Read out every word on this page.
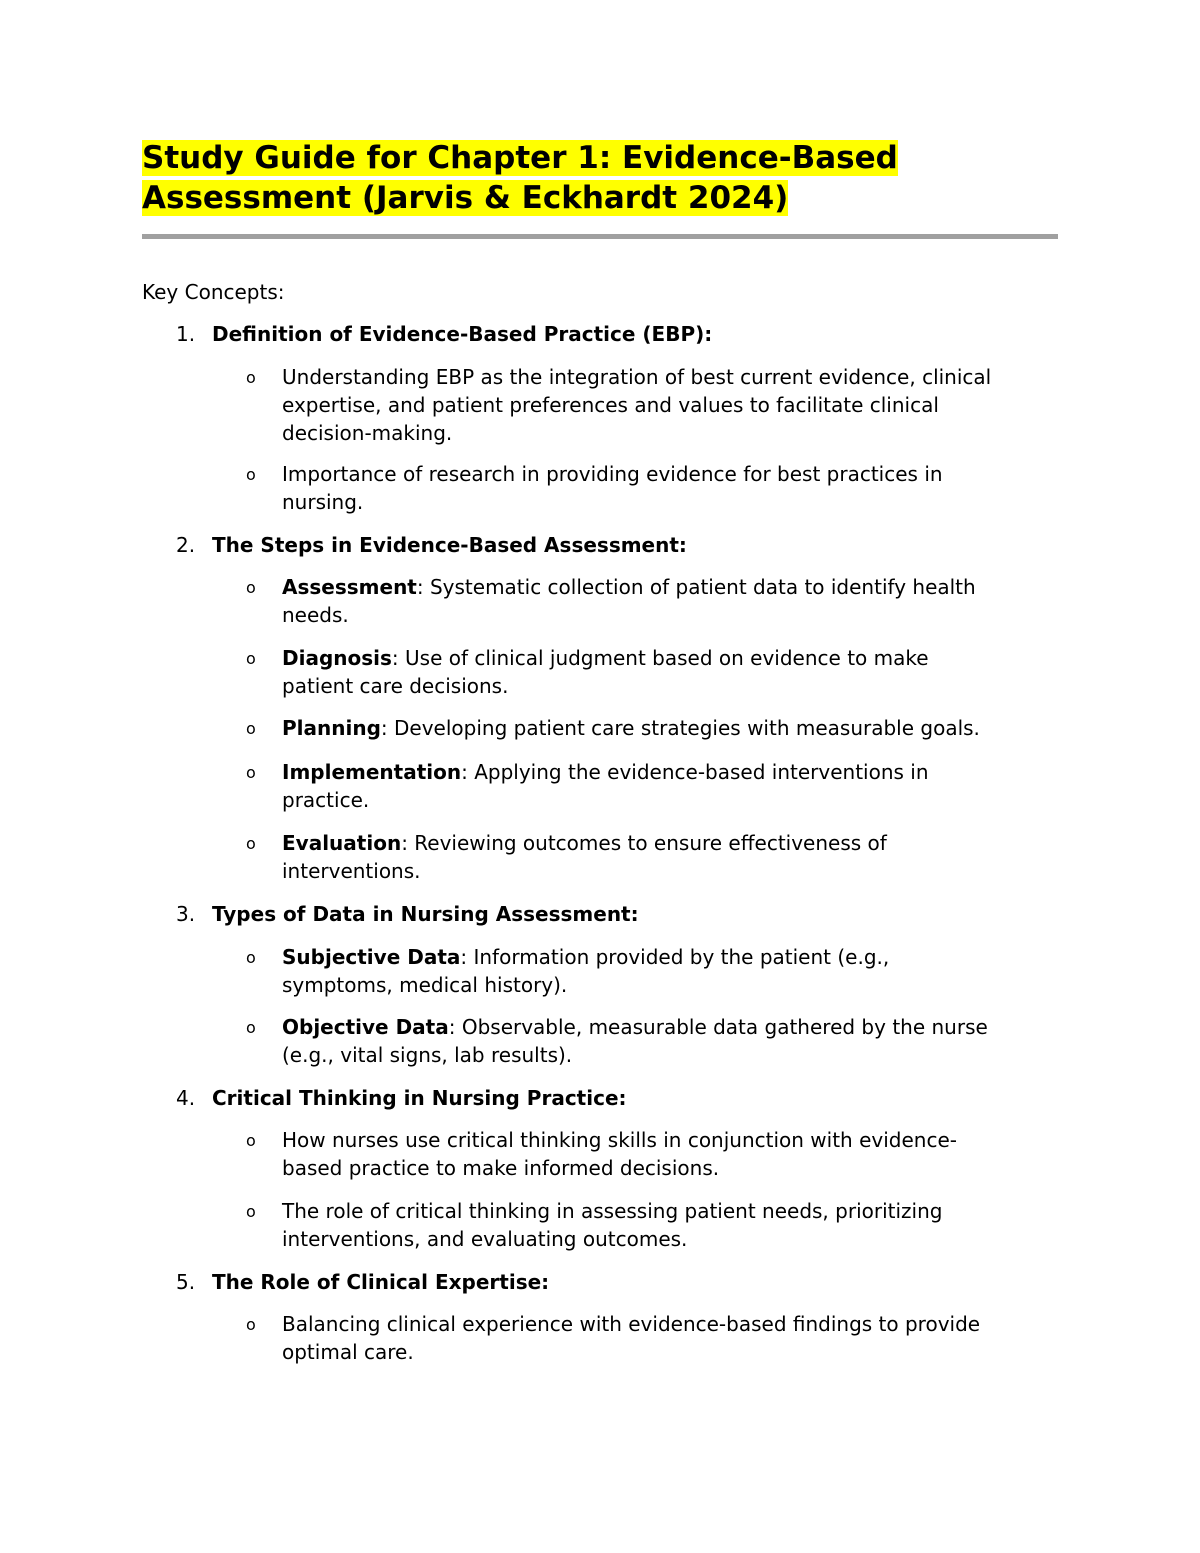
Study Guide for Chapter 1: Evidence-Based
Assessment (Jarvis & Eckhardt 2024)

Key Concepts:

1. Definition of Evidence-Based Practice (EBP):
o Understanding EBP as the integration of best current evidence, clinical
expertise, and patient preferences and values to facilitate clinical
decision-making.
o Importance of research in providing evidence for best practices in
nursing.
2. The Steps in Evidence-Based Assessment:
o Assessment: Systematic collection of patient data to identify health
needs.
o Diagnosis: Use of clinical judgment based on evidence to make
patient care decisions.
o Planning: Developing patient care strategies with measurable goals.
o Implementation: Applying the evidence-based interventions in
practice.
o Evaluation: Reviewing outcomes to ensure effectiveness of
interventions.
3. Types of Data in Nursing Assessment:
o Subjective Data: Information provided by the patient (e.g.,
symptoms, medical history).
o Objective Data: Observable, measurable data gathered by the nurse
(e.g., vital signs, lab results).
4. Critical Thinking in Nursing Practice:
o How nurses use critical thinking skills in conjunction with evidence-
based practice to make informed decisions.
o The role of critical thinking in assessing patient needs, prioritizing
interventions, and evaluating outcomes.
5. The Role of Clinical Expertise:
o Balancing clinical experience with evidence-based findings to provide
optimal care.
